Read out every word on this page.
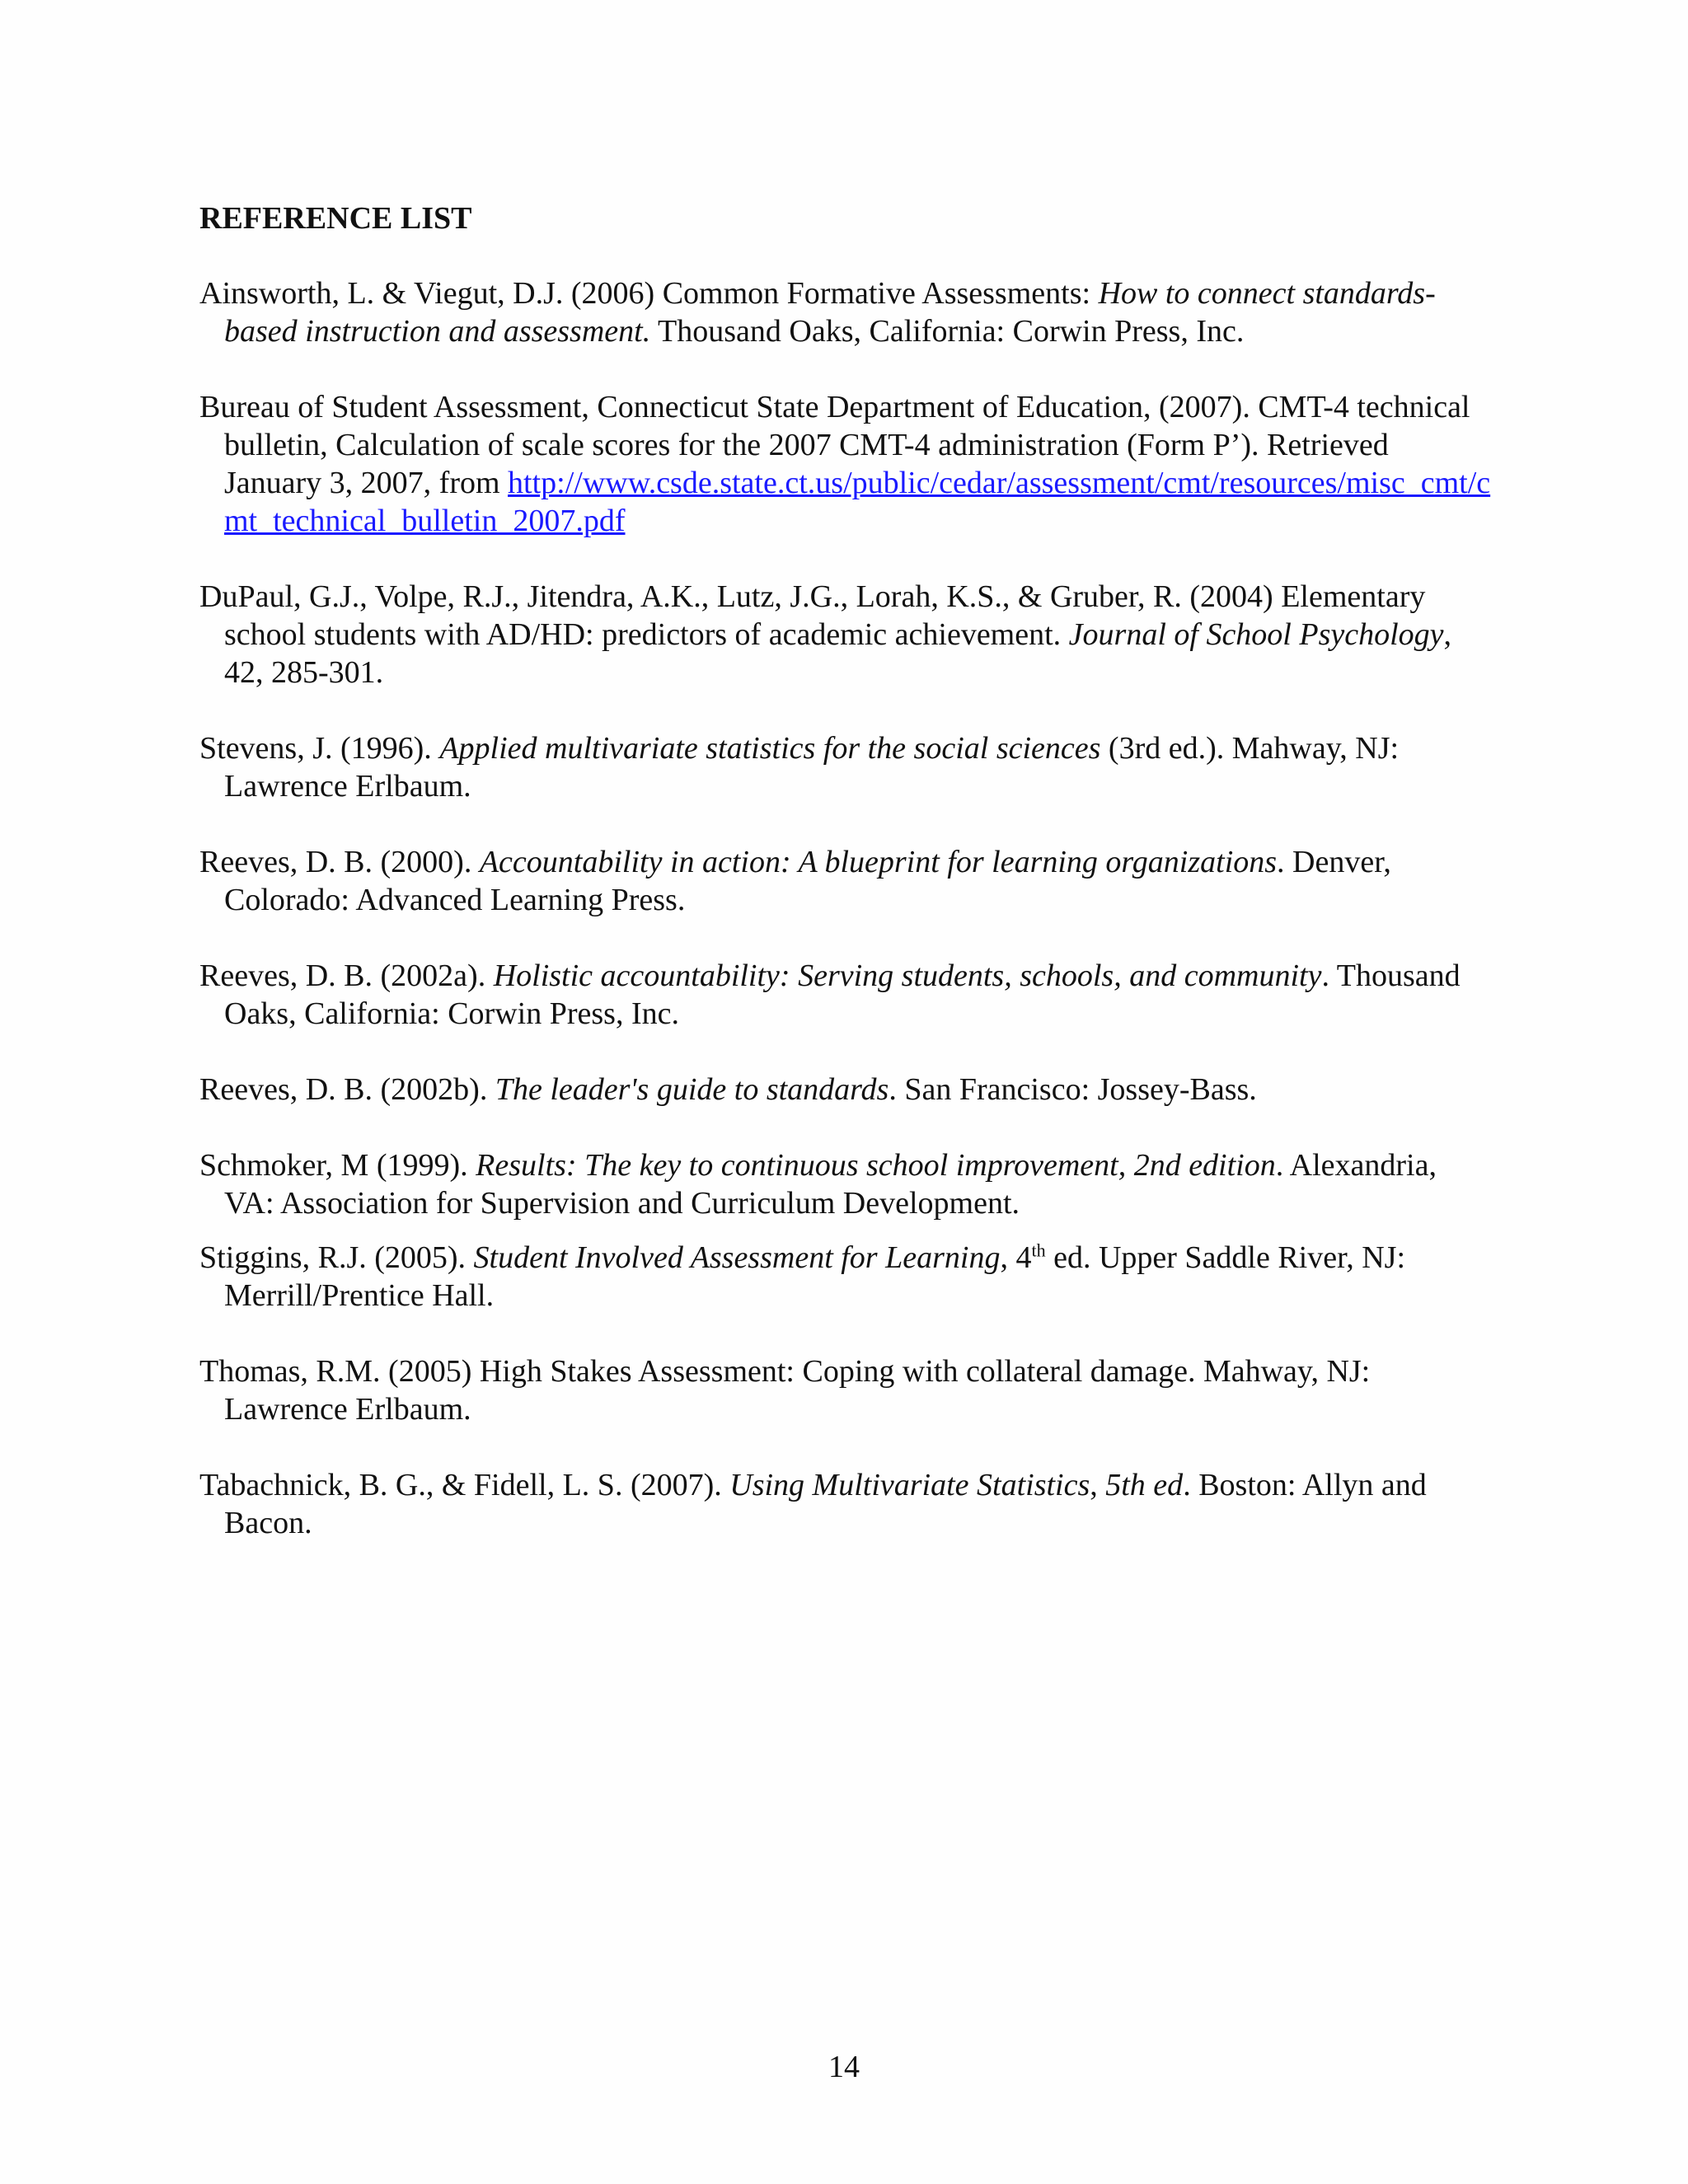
REFERENCE LIST

Ainsworth, L. & Viegut, D.J. (2006) Common Formative Assessments: How to connect standards-based instruction and assessment. Thousand Oaks, California: Corwin Press, Inc.

Bureau of Student Assessment, Connecticut State Department of Education, (2007). CMT-4 technical bulletin, Calculation of scale scores for the 2007 CMT-4 administration (Form P’). Retrieved January 3, 2007, from http://www.csde.state.ct.us/public/cedar/assessment/cmt/resources/misc_cmt/cmt_technical_bulletin_2007.pdf

DuPaul, G.J., Volpe, R.J., Jitendra, A.K., Lutz, J.G., Lorah, K.S., & Gruber, R. (2004) Elementary school students with AD/HD: predictors of academic achievement. Journal of School Psychology, 42, 285-301.

Stevens, J. (1996). Applied multivariate statistics for the social sciences (3rd ed.). Mahway, NJ: Lawrence Erlbaum.

Reeves, D. B. (2000). Accountability in action: A blueprint for learning organizations. Denver, Colorado: Advanced Learning Press.

Reeves, D. B. (2002a). Holistic accountability: Serving students, schools, and community. Thousand Oaks, California: Corwin Press, Inc.

Reeves, D. B. (2002b). The leader's guide to standards. San Francisco: Jossey-Bass.

Schmoker, M (1999). Results: The key to continuous school improvement, 2nd edition. Alexandria, VA: Association for Supervision and Curriculum Development.

Stiggins, R.J. (2005). Student Involved Assessment for Learning, 4th ed. Upper Saddle River, NJ: Merrill/Prentice Hall.

Thomas, R.M. (2005) High Stakes Assessment: Coping with collateral damage. Mahway, NJ: Lawrence Erlbaum.

Tabachnick, B. G., & Fidell, L. S. (2007). Using Multivariate Statistics, 5th ed. Boston: Allyn and Bacon.

14
